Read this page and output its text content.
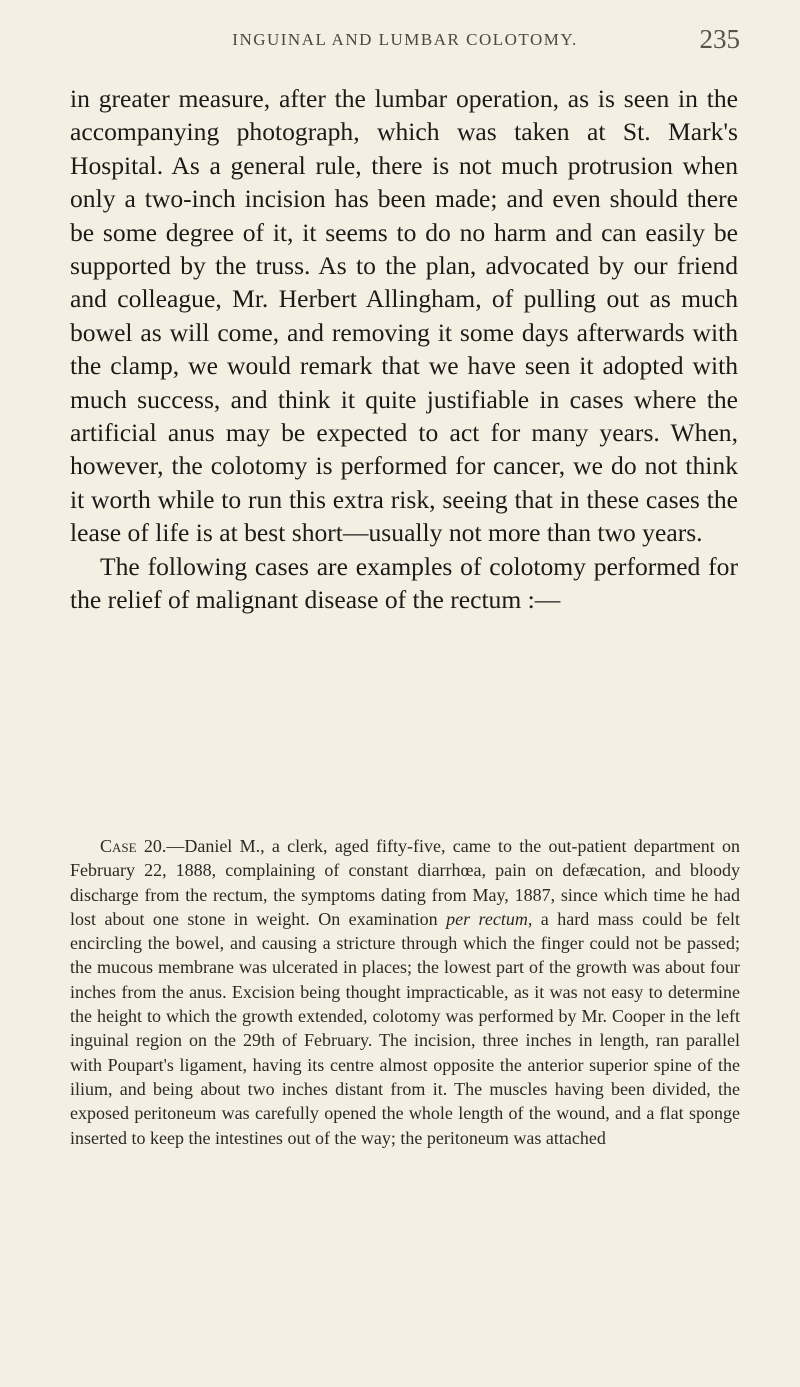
INGUINAL AND LUMBAR COLOTOMY.	235

in greater measure, after the lumbar operation, as is seen in the accompanying photograph, which was taken at St. Mark's Hospital. As a general rule, there is not much protrusion when only a two-inch incision has been made; and even should there be some degree of it, it seems to do no harm and can easily be supported by the truss. As to the plan, advocated by our friend and colleague, Mr. Herbert Allingham, of pulling out as much bowel as will come, and removing it some days afterwards with the clamp, we would remark that we have seen it adopted with much success, and think it quite justifiable in cases where the artificial anus may be expected to act for many years. When, however, the colotomy is performed for cancer, we do not think it worth while to run this extra risk, seeing that in these cases the lease of life is at best short—usually not more than two years.

The following cases are examples of colotomy performed for the relief of malignant disease of the rectum :—

Case 20.—Daniel M., a clerk, aged fifty-five, came to the out-patient department on February 22, 1888, complaining of constant diarrhœa, pain on defæcation, and bloody discharge from the rectum, the symptoms dating from May, 1887, since which time he had lost about one stone in weight. On examination per rectum, a hard mass could be felt encircling the bowel, and causing a stricture through which the finger could not be passed; the mucous membrane was ulcerated in places; the lowest part of the growth was about four inches from the anus. Excision being thought impracticable, as it was not easy to determine the height to which the growth extended, colotomy was performed by Mr. Cooper in the left inguinal region on the 29th of February. The incision, three inches in length, ran parallel with Poupart's ligament, having its centre almost opposite the anterior superior spine of the ilium, and being about two inches distant from it. The muscles having been divided, the exposed peritoneum was carefully opened the whole length of the wound, and a flat sponge inserted to keep the intestines out of the way; the peritoneum was attached
